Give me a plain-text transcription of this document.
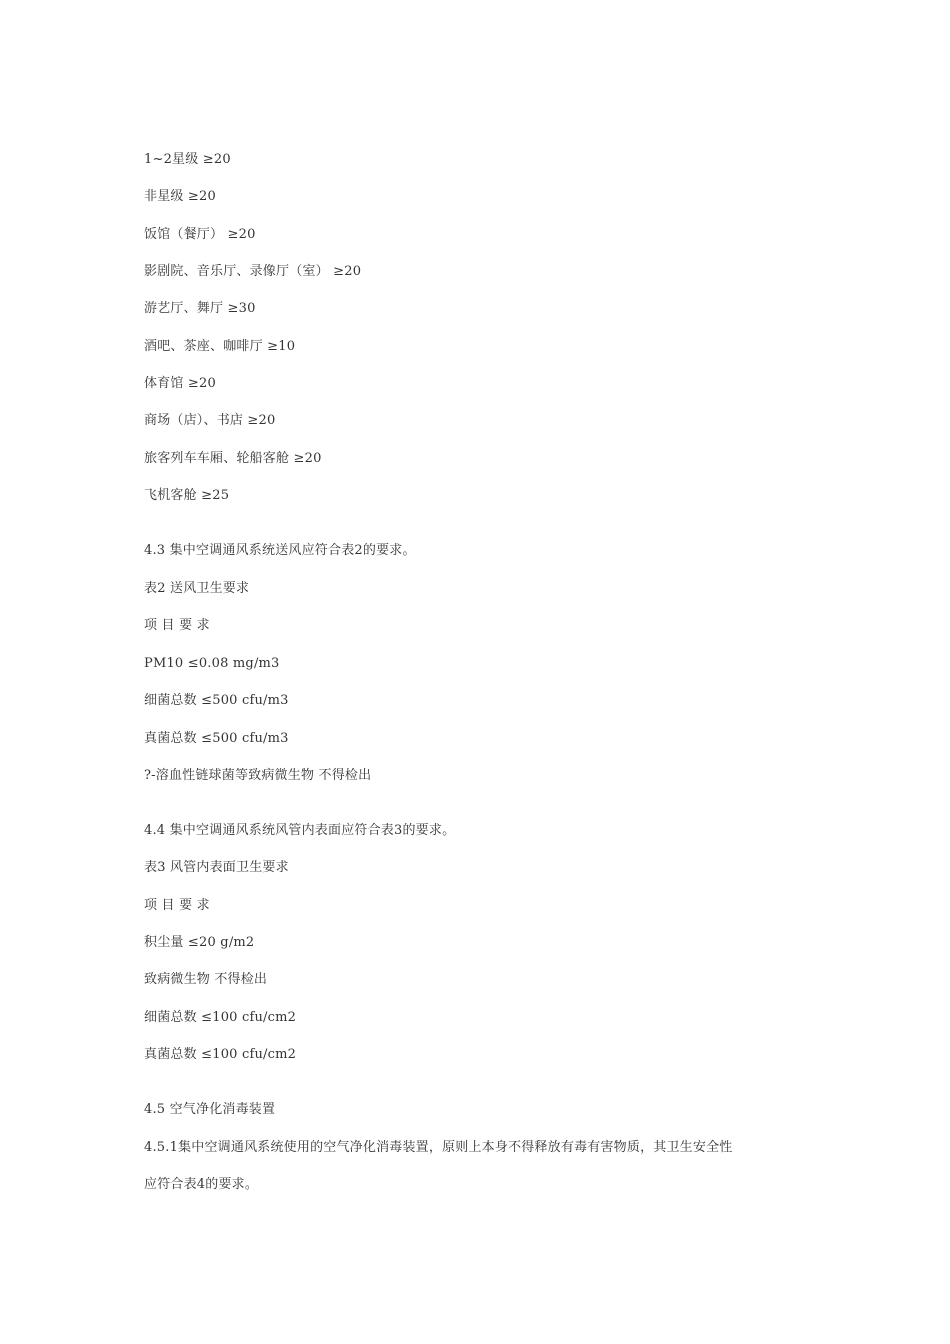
1~2星级 ≥20
非星级 ≥20
饭馆（餐厅） ≥20
影剧院、音乐厅、录像厅（室） ≥20
游艺厅、舞厅 ≥30
酒吧、茶座、咖啡厅 ≥10
体育馆 ≥20
商场（店）、书店 ≥20
旅客列车车厢、轮船客舱 ≥20
飞机客舱 ≥25
4.3 集中空调通风系统送风应符合表2的要求。
表2 送风卫生要求
项 目 要 求
PM10 ≤0.08 mg/m3
细菌总数 ≤500 cfu/m3
真菌总数 ≤500 cfu/m3
?-溶血性链球菌等致病微生物 不得检出
4.4 集中空调通风系统风管内表面应符合表3的要求。
表3 风管内表面卫生要求
项 目 要 求
积尘量 ≤20 g/m2
致病微生物 不得检出
细菌总数 ≤100 cfu/cm2
真菌总数 ≤100 cfu/cm2
4.5 空气净化消毒装置
4.5.1集中空调通风系统使用的空气净化消毒装置，原则上本身不得释放有毒有害物质，其卫生安全性
应符合表4的要求。
